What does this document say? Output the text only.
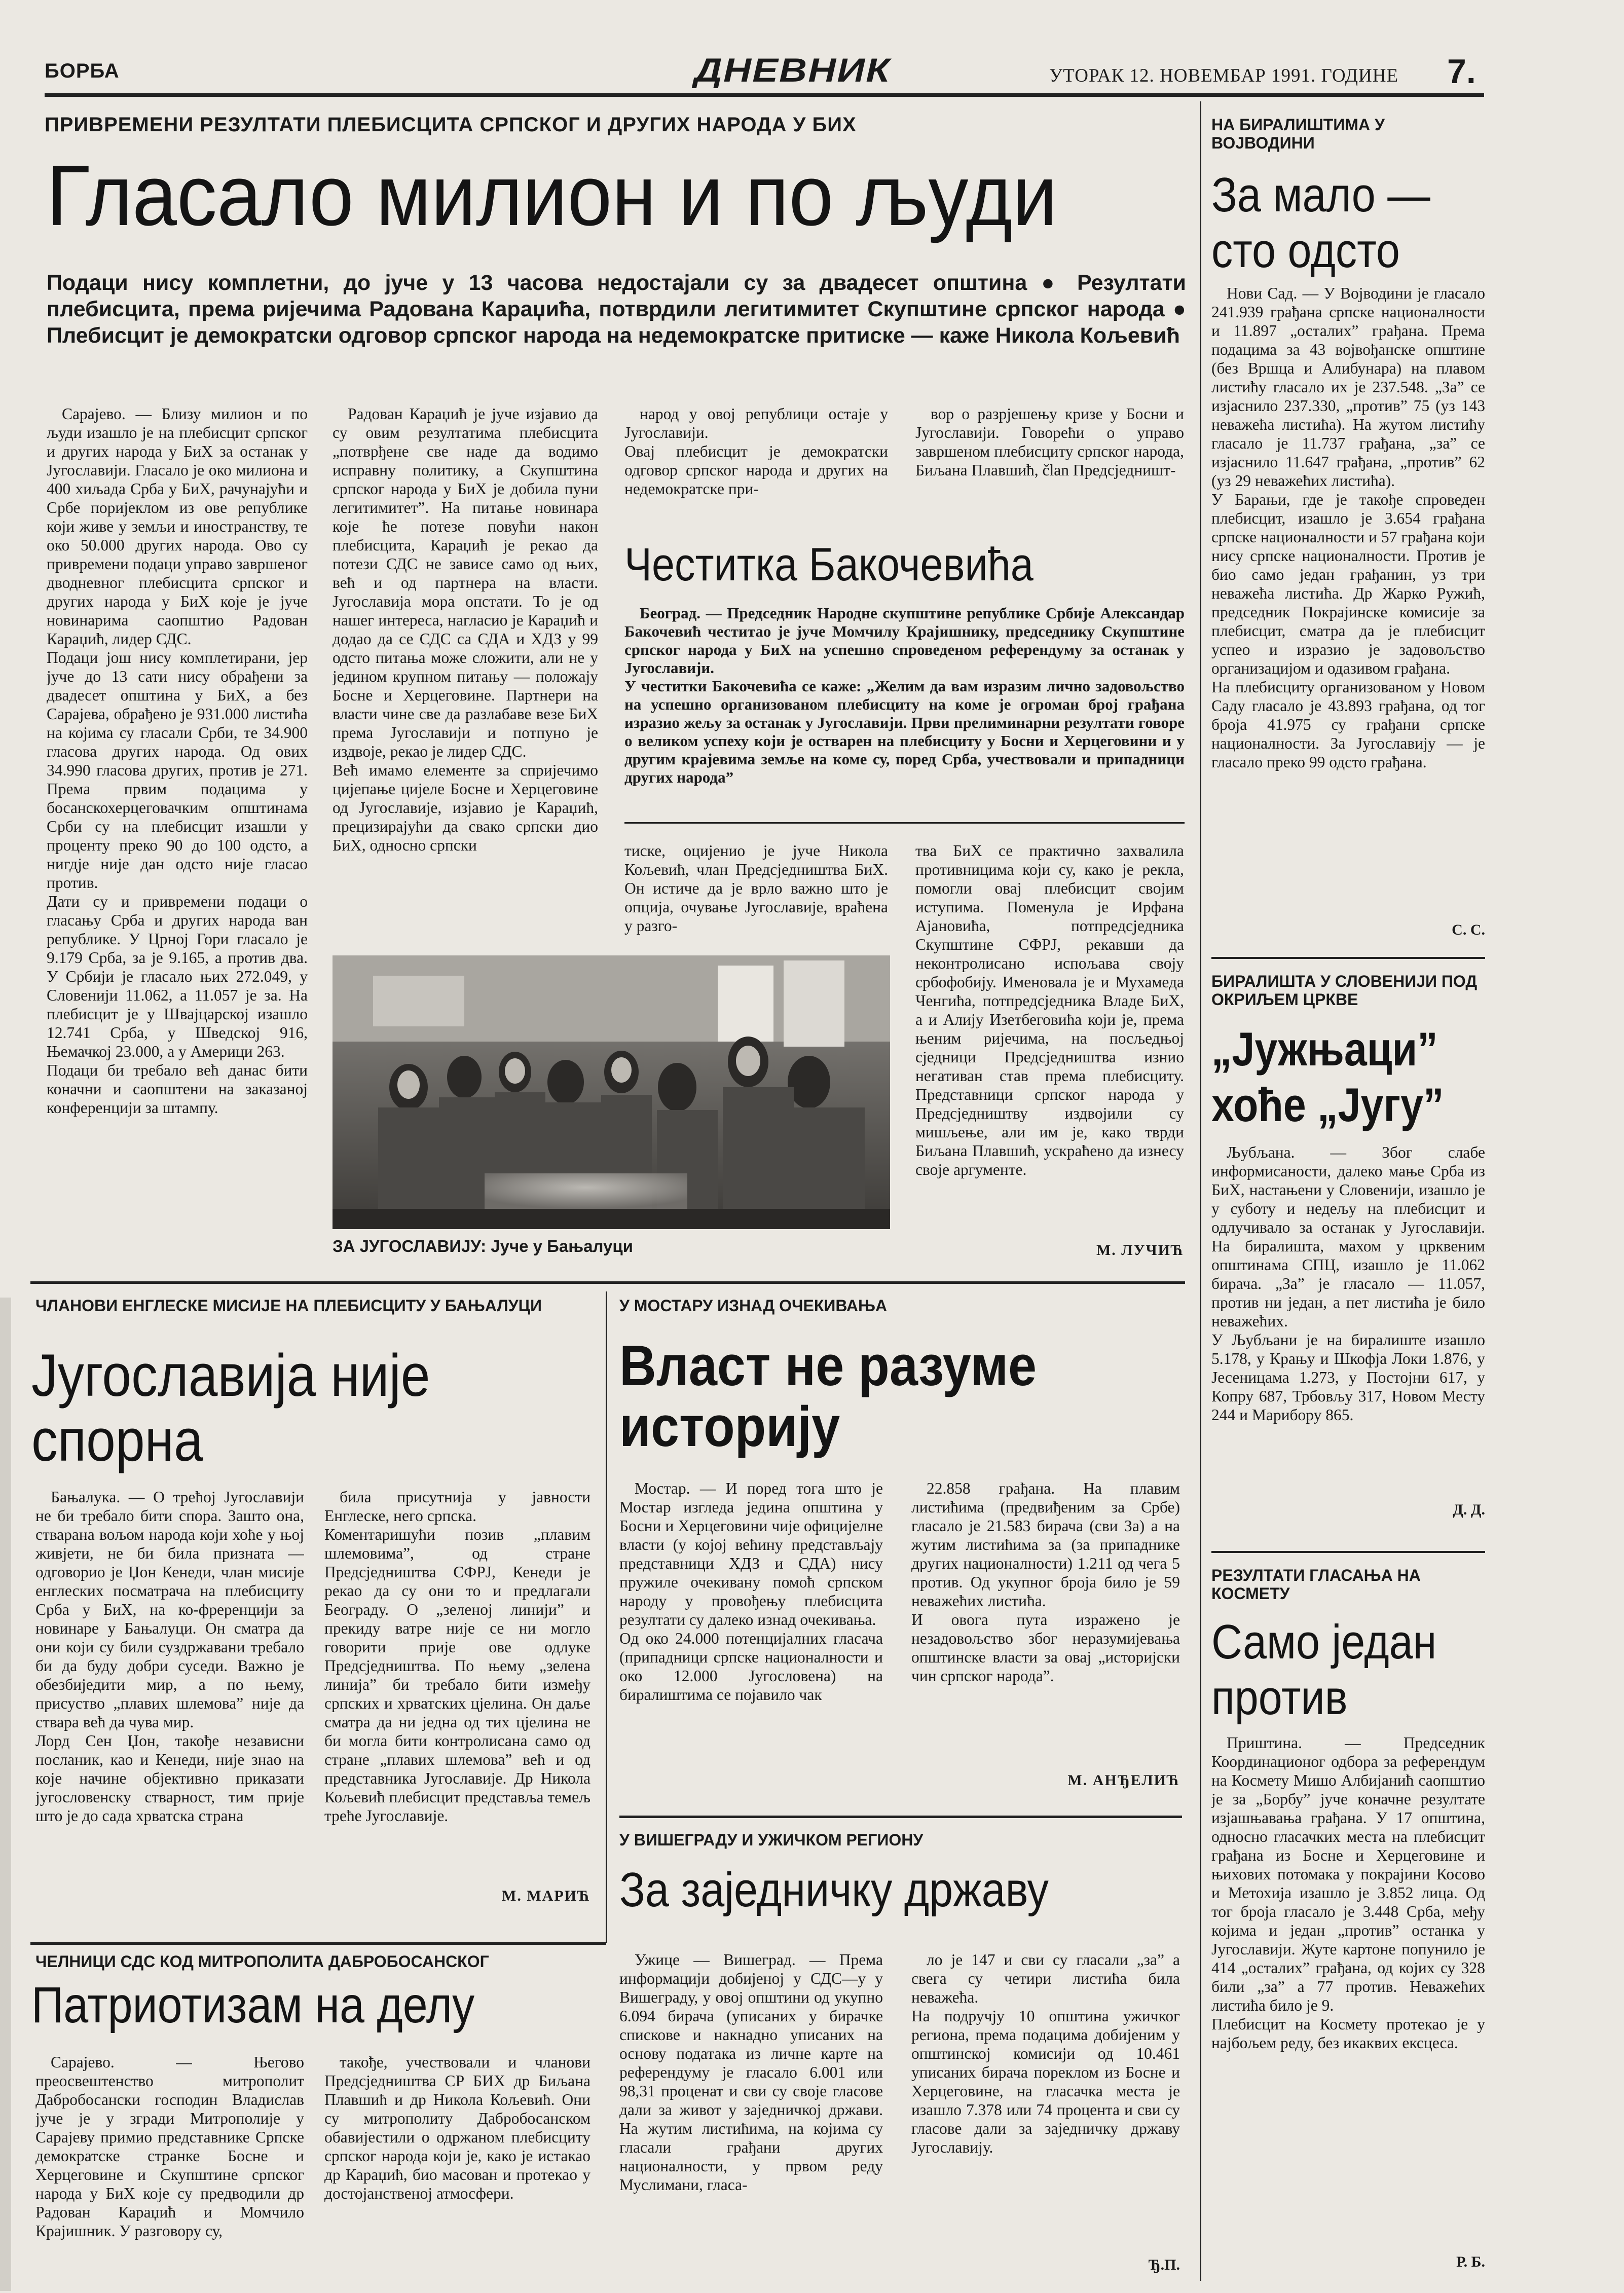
БОРБА	ДНЕВНИК	УТОРАК 12. НОВЕМБАР 1991. ГОДИНЕ 7.
ПРИВРЕМЕНИ РЕЗУЛТАТИ ПЛЕБИСЦИТА СРПСКОГ И ДРУГИХ НАРОДА У БИХ
Гласало милион и по људи
Подаци нису комплетни, до јуче у 13 часова недостајали су за двадесет општина ● Резултати плебисцита, према ријечима Радована Караџића, потврдили легитимитет Скупштине српског народа ● Плебисцит је демократски одговор српског народа на недемократске притиске — каже Никола Кољевић

Сарајево. — Близу милион и по људи изашло је на плебисцит српског и других народа у БиХ за останак у Југославији. Гласало је око милиона и 400 хиљада Срба у БиХ, рачунајући и Србе поријеклом из ове републике који живе у земљи и иностранству, те око 50.000 других народа. Ово су привремени подаци управо завршеног дводневног плебисцита српског и других народа у БиХ које је јуче новинарима саопштио Радован Караџић, лидер СДС.
Подаци још нису комплетирани, јер јуче до 13 сати нису обрађени за двадесет општина у БиХ, а без Сарајева, обрађено је 931.000 листића на којима су гласали Срби, те 34.900 гласова других народа. Од ових 34.990 гласова других, против је 271. Према првим подацима у босанскохерцеговачким општинама Срби су на плебисцит изашли у проценту преко 90 до 100 одсто, а нигдје није дан одсто није гласао против.
Дати су и привремени подаци о гласању Срба и других народа ван републике. У Црној Гори гласало је 9.179 Срба, за је 9.165, а против два. У Србији је гласало њих 272.049, у Словенији 11.062, а 11.057 је за. На плебисцит је у Швајцарској изашло 12.741 Срба, у Шведској 916, Њемачкој 23.000, а у Америци 263.
Подаци би требало већ данас бити коначни и саопштени на заказаној конференцији за штампу.

Радован Караџић је јуче изјавио да су овим резултатима плебисцита „потврђене све наде да водимо исправну политику, а Скупштина српског народа у БиХ је добила пуни легитимитет”. На питање новинара које ће потезе повући након плебисцита, Караџић је рекао да потези СДС не зависе само од њих, већ и од партнера на власти. Југославија мора опстати. То је од нашег интереса, нагласио је Караџић и додао да се СДС са СДА и ХДЗ у 99 одсто питања може сложити, али не у једином крупном питању — положају Босне и Херцеговине. Партнери на власти чине све да разлабаве везе БиХ према Југославији и потпуно је издвоје, рекао је лидер СДС.
Већ имамо елементе за спријечимо цијепање цијеле Босне и Херцеговине од Југославије, изјавио је Караџић, прецизирајући да свако српски дио БиХ, односно српски

народ у овој републици остаје у Југославији.
Овај плебисцит је демократски одговор српског народа и других на недемократске при-

вор о разрјешењу кризе у Босни и Југославији. Говорећи о управо завршеном плебисциту српског народа, Биљана Плавшић, član Предсједништ-

Честитка Бакочевића

Београд. — Председник Народне скупштине републике Србије Александар Бакочевић честитао је јуче Момчилу Крајишнику, председнику Скупштине српског народа у БиХ на успешно спроведеном референдуму за останак у Југославији.
У честитки Бакочевића се каже: „Желим да вам изразим лично задовољство на успешно организованом плебисциту на коме је огроман број грађана изразио жељу за останак у Југославији. Први прелиминарни резултати говоре о великом успеху који је остварен на плебисциту у Босни и Херцеговини и у другим крајевима земље на коме су, поред Срба, учествовали и припадници других народа”

тиске, оцијенио је јуче Никола Кољевић, члан Предсједништва БиХ. Он истиче да је врло важно што је опција, очување Југославије, враћена у разго-

тва БиХ се практично захвалила противницима који су, како је рекла, помогли овај плебисцит својим иступима. Поменула је Ирфана Ајановића, потпредсједника Скупштине СФРЈ, рекавши да неконтролисано испољава своју србофобију. Именовала је и Мухамеда Ченгића, потпредсједника Владе БиХ, а и Алију Изетбеговића који је, према њеним ријечима, на посљедњој сједници Предсједништва изнио негативан став према плебисциту. Представници српског народа у Предсједништву издвојили су мишљење, али им је, како тврди Биљана Плавшић, ускраћено да изнесу своје аргументе.

М. ЛУЧИЋ
ЗА ЈУГОСЛАВИЈУ: Јуче у Бањалуци
ЧЛАНОВИ ЕНГЛЕСКЕ МИСИЈЕ НА ПЛЕБИСЦИТУ У БАЊАЛУЦИ
Југославија није спорна

Бањалука. — О трећој Југославији не би требало бити спора. Зашто она, стварана вољом народа који хоће у њој живјети, не би била призната — одговорио је Џон Кенеди, члан мисије енглеских посматрача на плебисциту Срба у БиХ, на ко-фреренцији за новинаре у Бањалуци. Он сматра да они који су били суздржавани требало би да буду добри суседи. Важно је обезбиједити мир, а по њему, присуство „плавих шлемова” није да ствара већ да чува мир.
Лорд Сен Џон, такође независни посланик, као и Кенеди, није знао на које начине објективно приказати југословенску стварност, тим прије што је до сада хрватска страна

била присутнија у јавности Енглеске, него српска.
Коментаришући позив „плавим шлемовима”, од стране Предсједништва СФРЈ, Кенеди је рекао да су они то и предлагали Београду. О „зеленој линији” и прекиду ватре није се ни могло говорити прије ове одлуке Предсједништва. По њему „зелена линија” би требало бити између српских и хрватских цјелина. Он даље сматра да ни једна од тих цјелина не би могла бити контролисана само од стране „плавих шлемова” већ и од представника Југославије. Др Никола Кољевић плебисцит представља темељ треће Југославије.

М. МАРИЋ
У МОСТАРУ ИЗНАД ОЧЕКИВАЊА
Власт не разуме историју

Мостар. — И поред тога што је Мостар изгледа једина општина у Босни и Херцеговини чије официјелне власти (у којој већину представљају представници ХДЗ и СДА) нису пружиле очекивану помоћ српском народу у провођењу плебисцита резултати су далеко изнад очекивања.
Од око 24.000 потенцијалних гласача (припадници српске националности и око 12.000 Југословена) на биралиштима се појавило чак

22.858 грађана. На плавим листићима (предвиђеним за Србе) гласало је 21.583 бирача (сви За) а на жутим листићима за (за припаднике других националности) 1.211 од чега 5 против. Од укупног броја било је 59 неважећих листића.
И овога пута изражено је незадовољство због неразумијевања општинске власти за овај „историјски чин српског народа”.

М. АНЂЕЛИЋ
У ВИШЕГРАДУ И УЖИЧКОМ РЕГИОНУ
За заједничку државу
ЧЕЛНИЦИ СДС КОД МИТРОПОЛИТА ДАБРОБОСАНСКОГ
Патриотизам на делу

Сарајево. — Његово преосвештенство митрополит Дабробосански господин Владислав јуче је у згради Митрополије у Сарајеву примио представнике Српске демократске странке Босне и Херцеговине и Скупштине српског народа у БиХ које су предводили др Радован Караџић и Момчило Крајишник. У разговору су,

такође, учествовали и чланови Предсједништва СР БИХ др Биљана Плавшић и др Никола Кољевић. Они су митрополиту Дабробосанском обавијестили о одржаном плебисциту српског народа који је, како је истакао др Караџић, био масован и протекао у достојанственој атмосфери.

Ужице — Вишеград. — Према информацији добијеној у СДС—у у Вишеграду, у овој општини од укупно 6.094 бирача (уписаних у бирачке спискове и накнадно уписаних на основу података из личне карте на референдуму је гласало 6.001 или 98,31 проценат и сви су своје гласове дали за живот у заједничкој држави. На жутим листићима, на којима су гласали грађани других националности, у првом реду Муслимани, гласа-

ло је 147 и сви су гласали „за” а свега су четири листића била неважећа.
На подручју 10 општина ужичког региона, према подацима добијеним у општинској комисији од 10.461 уписаних бирача пореклом из Босне и Херцеговине, на гласачка места је изашло 7.378 или 74 процента и сви су гласове дали за заједничку државу Југославију.

Ђ.П.
НА БИРАЛИШТИМА У ВОЈВОДИНИ
За мало — сто одсто

Нови Сад. — У Војводини је гласало 241.939 грађана српске националности и 11.897 „осталих” грађана. Према подацима за 43 војвођанске општине (без Вршца и Алибунара) на плавом листићу гласало их је 237.548. „За” се изјаснило 237.330, „против” 75 (уз 143 неважећа листића). На жутом листићу гласало је 11.737 грађана, „за” се изјаснило 11.647 грађана, „против” 62 (уз 29 неважећих листића).
У Барањи, где је такође спроведен плебисцит, изашло је 3.654 грађана српске националности и 57 грађана који нису српске националности. Против је био само један грађанин, уз три неважећа листића. Др Жарко Ружић, председник Покрајинске комисије за плебисцит, сматра да је плебисцит успео и изразио је задовољство организацијом и одазивом грађана.
На плебисциту организованом у Новом Саду гласало је 43.893 грађана, од тог броја 41.975 су грађани српске националности. За Југославију — је гласало преко 99 одсто грађана.

С. С.
БИРАЛИШТА У СЛОВЕНИЈИ ПОД ОКРИЉЕМ ЦРКВЕ
„Јужњаци” хоће „Југу”

Љубљана. — Због слабе информисаности, далеко мање Срба из БиХ, настањени у Словенији, изашло је у суботу и недељу на плебисцит и одлучивало за останак у Југославији. На биралишта, махом у црквеним општинама СПЦ, изашло је 11.062 бирача. „За” је гласало — 11.057, против ни један, а пет листића је било неважећих.
У Љубљани је на биралиште изашло 5.178, у Крању и Шкофја Локи 1.876, у Јесеницама 1.273, у Постојни 617, у Копру 687, Трбовљу 317, Новом Месту 244 и Марибору 865.

Д. Д.
РЕЗУЛТАТИ ГЛАСАЊА НА КОСМЕТУ
Само један против

Приштина. — Председник Координационог одбора за референдум на Космету Мишо Албијанић саопштио је за „Борбу” јуче коначне резултате изјашњавања грађана. У 17 општина, односно гласачких места на плебисцит грађана из Босне и Херцеговине и њихових потомака у покрајини Косово и Метохија изашло је 3.852 лица. Од тог броја гласало је 3.448 Срба, међу којима и један „против” останка у Југославији. Жуте картоне попунило је 414 „осталих” грађана, од којих су 328 били „за” а 77 против. Неважећих листића било је 9.
Плебисцит на Космету протекао је у најбољем реду, без икаквих ексцеса.

Р. Б.
